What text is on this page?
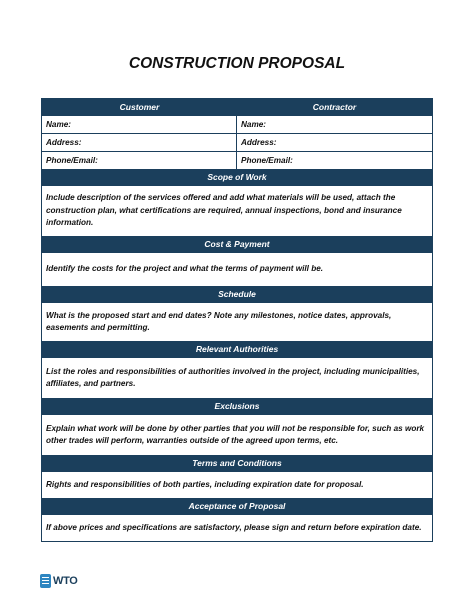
CONSTRUCTION PROPOSAL
Customer	Contractor
Name:	Name:
Address:	Address:
Phone/Email:	Phone/Email:
Scope of Work
Include description of the services offered and add what materials will be used, attach the construction plan, what certifications are required, annual inspections, bond and insurance information.
Cost & Payment
Identify the costs for the project and what the terms of payment will be.
Schedule
What is the proposed start and end dates? Note any milestones, notice dates, approvals, easements and permitting.
Relevant Authorities
List the roles and responsibilities of authorities involved in the project, including municipalities, affiliates, and partners.
Exclusions
Explain what work will be done by other parties that you will not be responsible for, such as work other trades will perform, warranties outside of the agreed upon terms, etc.
Terms and Conditions
Rights and responsibilities of both parties, including expiration date for proposal.
Acceptance of Proposal
If above prices and specifications are satisfactory, please sign and return before expiration date.
WTO
